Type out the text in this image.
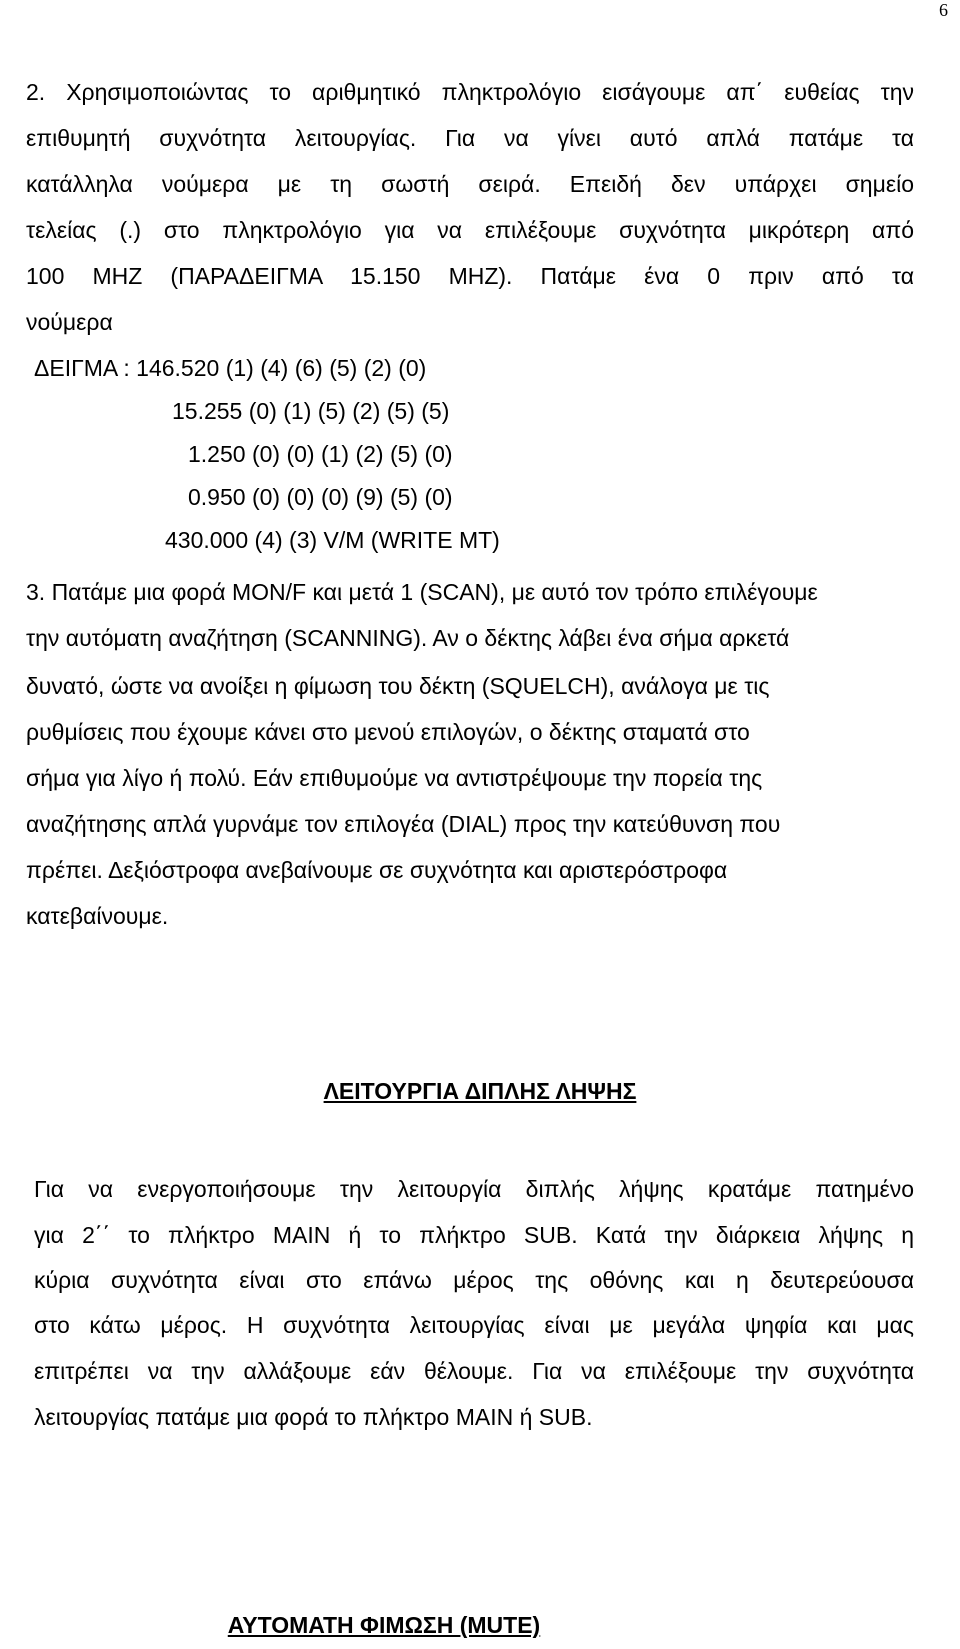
6
2. Χρησιμοποιώντας το αριθμητικό πληκτρολόγιο εισάγουμε απ΄ ευθείας την
επιθυμητή συχνότητα λειτουργίας. Για να γίνει αυτό απλά πατάμε τα
κατάλληλα νούμερα με τη σωστή σειρά. Επειδή δεν υπάρχει σημείο
τελείας (.) στο πληκτρολόγιο για να επιλέξουμε συχνότητα μικρότερη από
100 MHZ (ΠΑΡΑΔΕΙΓΜΑ 15.150 MHZ). Πατάμε ένα 0 πριν από τα
νούμερα
ΔΕΙΓΜΑ : 146.520 (1) (4) (6) (5) (2) (0)
15.255 (0) (1) (5) (2) (5) (5)
1.250 (0) (0) (1) (2) (5) (0)
0.950 (0) (0) (0) (9) (5) (0)
430.000 (4) (3) V/M (WRITE MT)
3. Πατάμε μια φορά MON/F και μετά 1 (SCAN), με αυτό τον τρόπο επιλέγουμε
την αυτόματη αναζήτηση (SCANNING). Αν ο δέκτης λάβει ένα σήμα αρκετά
δυνατό, ώστε να ανοίξει η φίμωση του δέκτη (SQUELCH), ανάλογα με τις
ρυθμίσεις που έχουμε κάνει στο μενού επιλογών, ο δέκτης σταματά στο
σήμα για λίγο ή πολύ. Εάν επιθυμούμε να αντιστρέψουμε την πορεία της
αναζήτησης απλά γυρνάμε τον επιλογέα (DIAL) προς την κατεύθυνση που
πρέπει. Δεξιόστροφα ανεβαίνουμε σε συχνότητα και αριστερόστροφα
κατεβαίνουμε.
ΛΕΙΤΟΥΡΓΙΑ ΔΙΠΛΗΣ ΛΗΨΗΣ
Για να ενεργοποιήσουμε την λειτουργία διπλής λήψης κρατάμε πατημένο
για 2΄΄ το πλήκτρο MAIN ή το πλήκτρο SUB. Κατά την διάρκεια λήψης η
κύρια συχνότητα είναι στο επάνω μέρος της οθόνης και η δευτερεύουσα
στο κάτω μέρος. Η συχνότητα λειτουργίας είναι με μεγάλα ψηφία και μας
επιτρέπει να την αλλάξουμε εάν θέλουμε. Για να επιλέξουμε την συχνότητα
λειτουργίας πατάμε μια φορά το πλήκτρο MAIN ή SUB.
ΑΥΤΟΜΑΤΗ ΦΙΜΩΣΗ (MUTE)
